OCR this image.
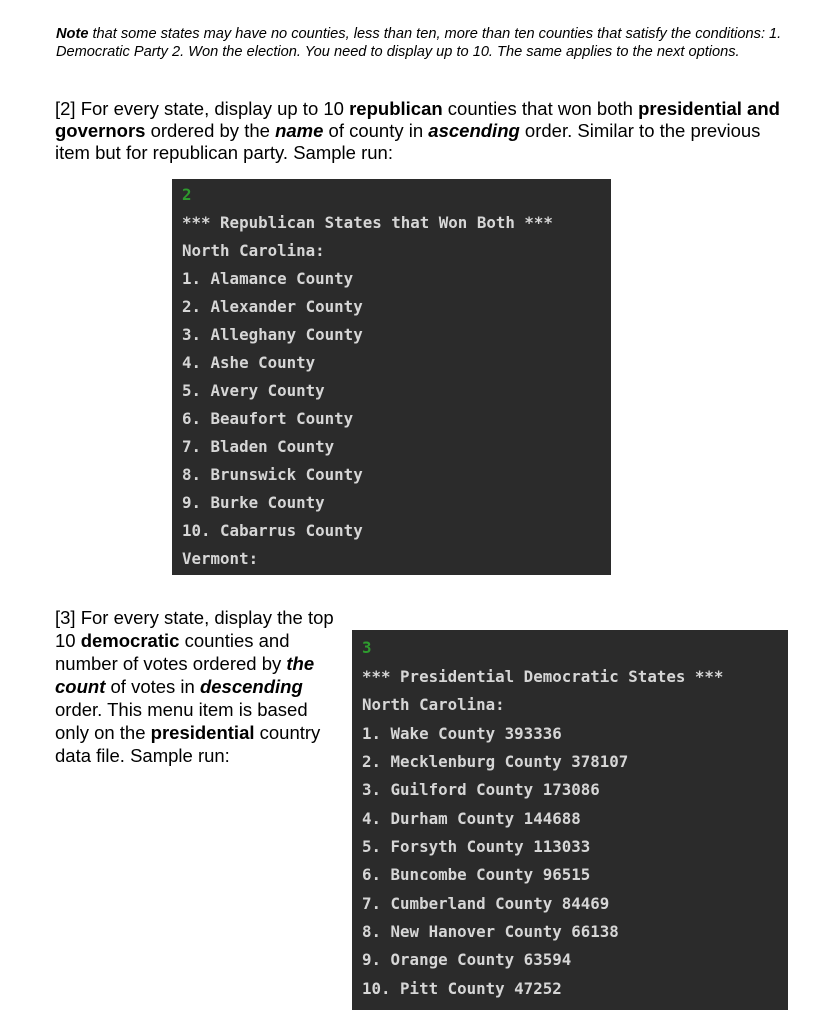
Note that some states may have no counties, less than ten, more than ten counties that satisfy the conditions: 1. Democratic Party 2. Won the election. You need to display up to 10. The same applies to the next options.
[2] For every state, display up to 10 republican counties that won both presidential and governors ordered by the name of county in ascending order. Similar to the previous item but for republican party. Sample run:
2
*** Republican States that Won Both ***
North Carolina:
1. Alamance County
2. Alexander County
3. Alleghany County
4. Ashe County
5. Avery County
6. Beaufort County
7. Bladen County
8. Brunswick County
9. Burke County
10. Cabarrus County
Vermont:
[3] For every state, display the top 10 democratic counties and number of votes ordered by the count of votes in descending order. This menu item is based only on the presidential country data file. Sample run:
3
*** Presidential Democratic States ***
North Carolina:
1. Wake County 393336
2. Mecklenburg County 378107
3. Guilford County 173086
4. Durham County 144688
5. Forsyth County 113033
6. Buncombe County 96515
7. Cumberland County 84469
8. New Hanover County 66138
9. Orange County 63594
10. Pitt County 47252
